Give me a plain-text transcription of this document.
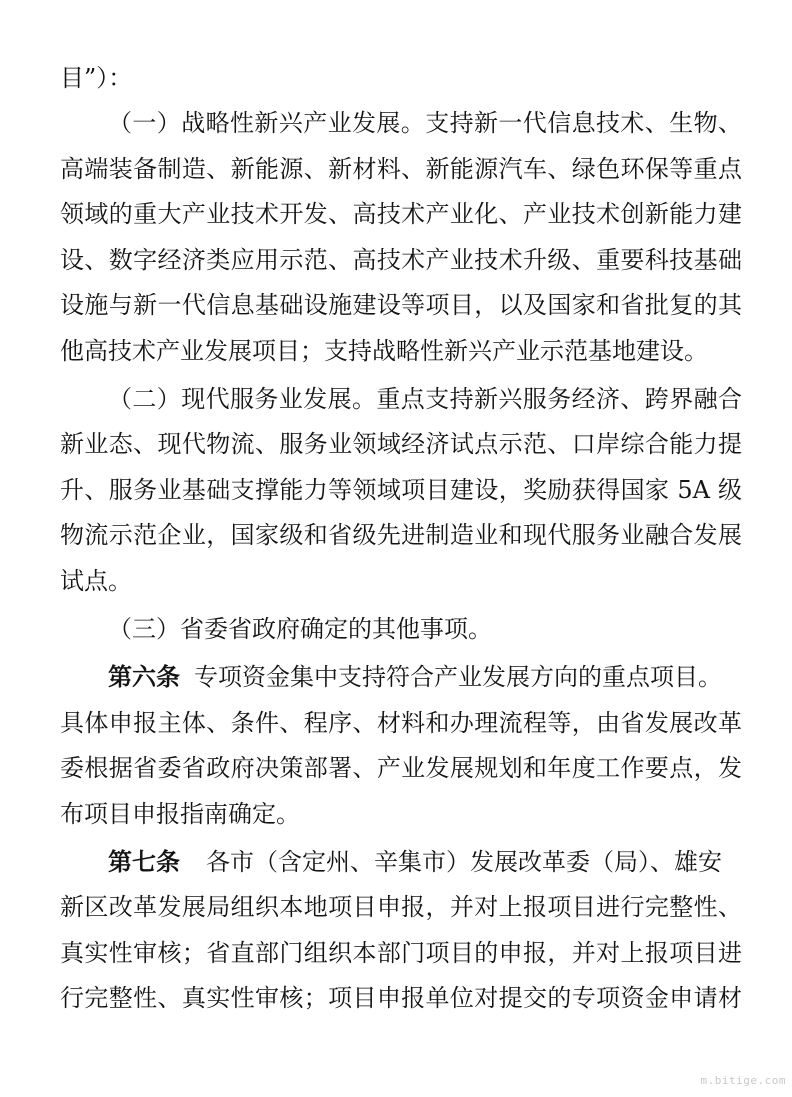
目”）：
（一）战略性新兴产业发展。支持新一代信息技术、生物、
高端装备制造、新能源、新材料、新能源汽车、绿色环保等重点
领域的重大产业技术开发、高技术产业化、产业技术创新能力建
设、数字经济类应用示范、高技术产业技术升级、重要科技基础
设施与新一代信息基础设施建设等项目，以及国家和省批复的其
他高技术产业发展项目；支持战略性新兴产业示范基地建设。
（二）现代服务业发展。重点支持新兴服务经济、跨界融合
新业态、现代物流、服务业领域经济试点示范、口岸综合能力提
升、服务业基础支撑能力等领域项目建设，奖励获得国家 5A 级
物流示范企业，国家级和省级先进制造业和现代服务业融合发展
试点。
（三）省委省政府确定的其他事项。
第六条 专项资金集中支持符合产业发展方向的重点项目。
具体申报主体、条件、程序、材料和办理流程等，由省发展改革
委根据省委省政府决策部署、产业发展规划和年度工作要点，发
布项目申报指南确定。
第七条 各市（含定州、辛集市）发展改革委（局）、雄安
新区改革发展局组织本地项目申报，并对上报项目进行完整性、
真实性审核；省直部门组织本部门项目的申报，并对上报项目进
行完整性、真实性审核；项目申报单位对提交的专项资金申请材
m.bitige.com
